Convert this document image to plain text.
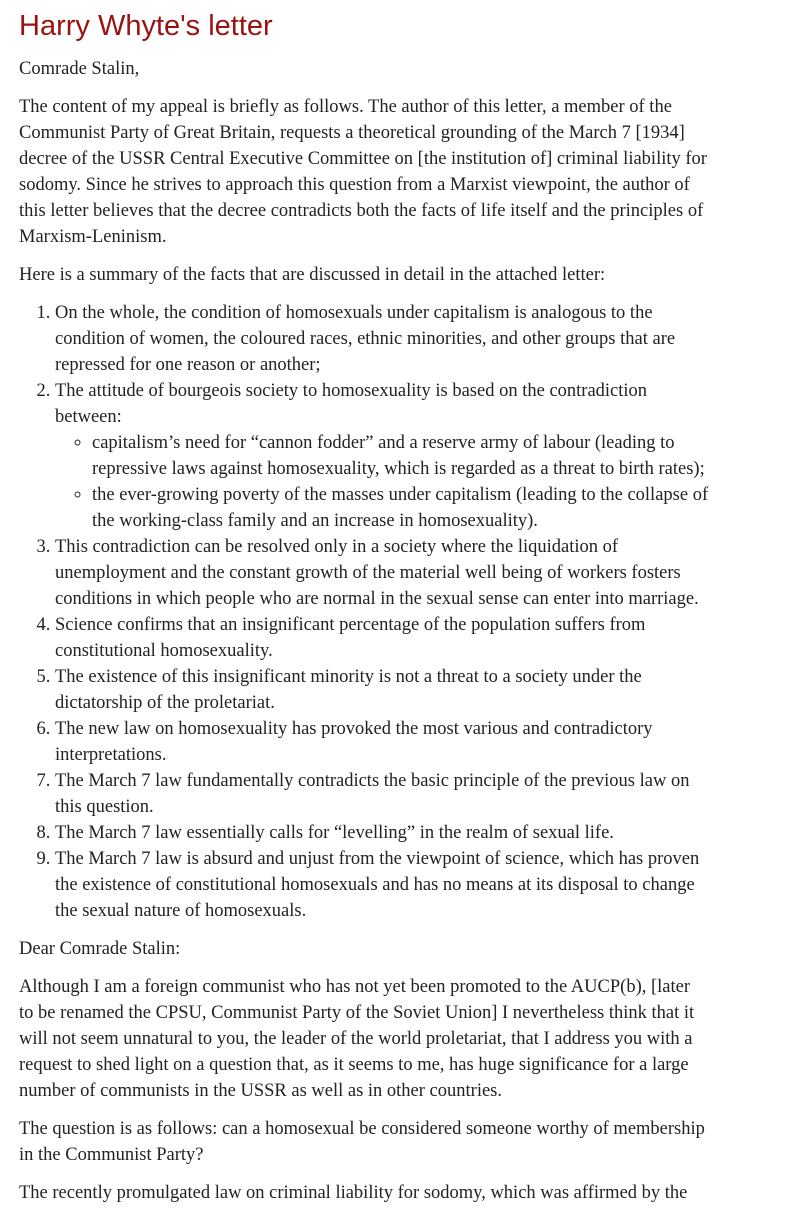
Harry Whyte's letter

Comrade Stalin,

The content of my appeal is briefly as follows. The author of this letter, a member of the Communist Party of Great Britain, requests a theoretical grounding of the March 7 [1934] decree of the USSR Central Executive Committee on [the institution of] criminal liability for sodomy. Since he strives to approach this question from a Marxist viewpoint, the author of this letter believes that the decree contradicts both the facts of life itself and the principles of Marxism-Leninism.

Here is a summary of the facts that are discussed in detail in the attached letter:

1. On the whole, the condition of homosexuals under capitalism is analogous to the condition of women, the coloured races, ethnic minorities, and other groups that are repressed for one reason or another;
2. The attitude of bourgeois society to homosexuality is based on the contradiction between:
◦ capitalism’s need for “cannon fodder” and a reserve army of labour (leading to repressive laws against homosexuality, which is regarded as a threat to birth rates);
◦ the ever-growing poverty of the masses under capitalism (leading to the collapse of the working-class family and an increase in homosexuality).
3. This contradiction can be resolved only in a society where the liquidation of unemployment and the constant growth of the material well being of workers fosters conditions in which people who are normal in the sexual sense can enter into marriage.
4. Science confirms that an insignificant percentage of the population suffers from constitutional homosexuality.
5. The existence of this insignificant minority is not a threat to a society under the dictatorship of the proletariat.
6. The new law on homosexuality has provoked the most various and contradictory interpretations.
7. The March 7 law fundamentally contradicts the basic principle of the previous law on this question.
8. The March 7 law essentially calls for “levelling” in the realm of sexual life.
9. The March 7 law is absurd and unjust from the viewpoint of science, which has proven the existence of constitutional homosexuals and has no means at its disposal to change the sexual nature of homosexuals.

Dear Comrade Stalin:

Although I am a foreign communist who has not yet been promoted to the AUCP(b), [later to be renamed the CPSU, Communist Party of the Soviet Union] I nevertheless think that it will not seem unnatural to you, the leader of the world proletariat, that I address you with a request to shed light on a question that, as it seems to me, has huge significance for a large number of communists in the USSR as well as in other countries.

The question is as follows: can a homosexual be considered someone worthy of membership in the Communist Party?

The recently promulgated law on criminal liability for sodomy, which was affirmed by the
